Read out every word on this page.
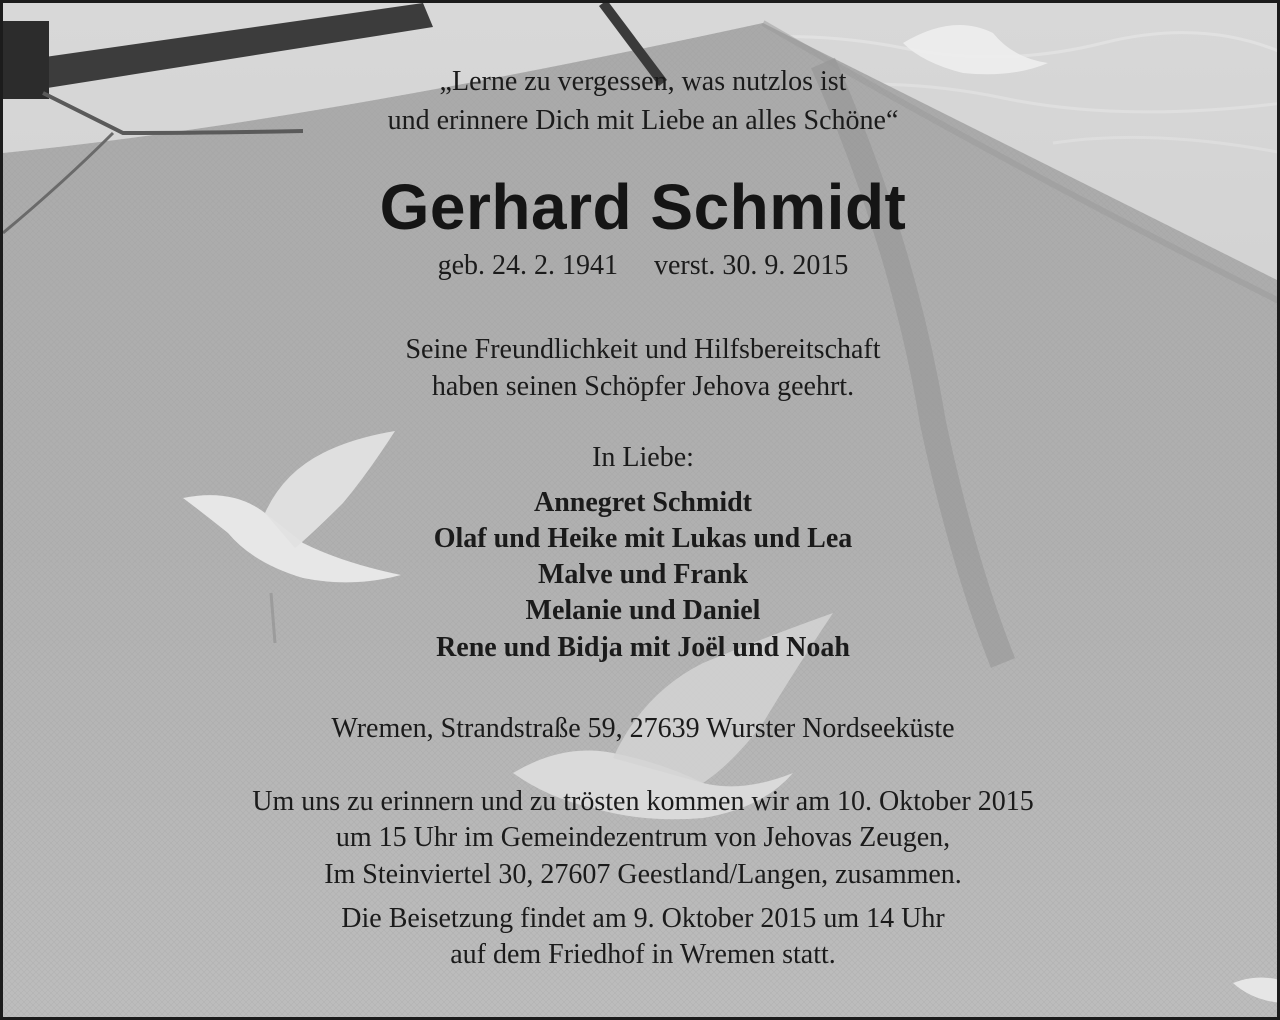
„Lerne zu vergessen, was nutzlos ist
und erinnere Dich mit Liebe an alles Schöne“
Gerhard Schmidt
geb. 24. 2. 1941 verst. 30. 9. 2015
Seine Freundlichkeit und Hilfsbereitschaft
haben seinen Schöpfer Jehova geehrt.
In Liebe:
Annegret Schmidt
Olaf und Heike mit Lukas und Lea
Malve und Frank
Melanie und Daniel
Rene und Bidja mit Joël und Noah
Wremen, Strandstraße 59, 27639 Wurster Nordseeküste
Um uns zu erinnern und zu trösten kommen wir am 10. Oktober 2015
um 15 Uhr im Gemeindezentrum von Jehovas Zeugen,
Im Steinviertel 30, 27607 Geestland/Langen, zusammen.
Die Beisetzung findet am 9. Oktober 2015 um 14 Uhr
auf dem Friedhof in Wremen statt.
